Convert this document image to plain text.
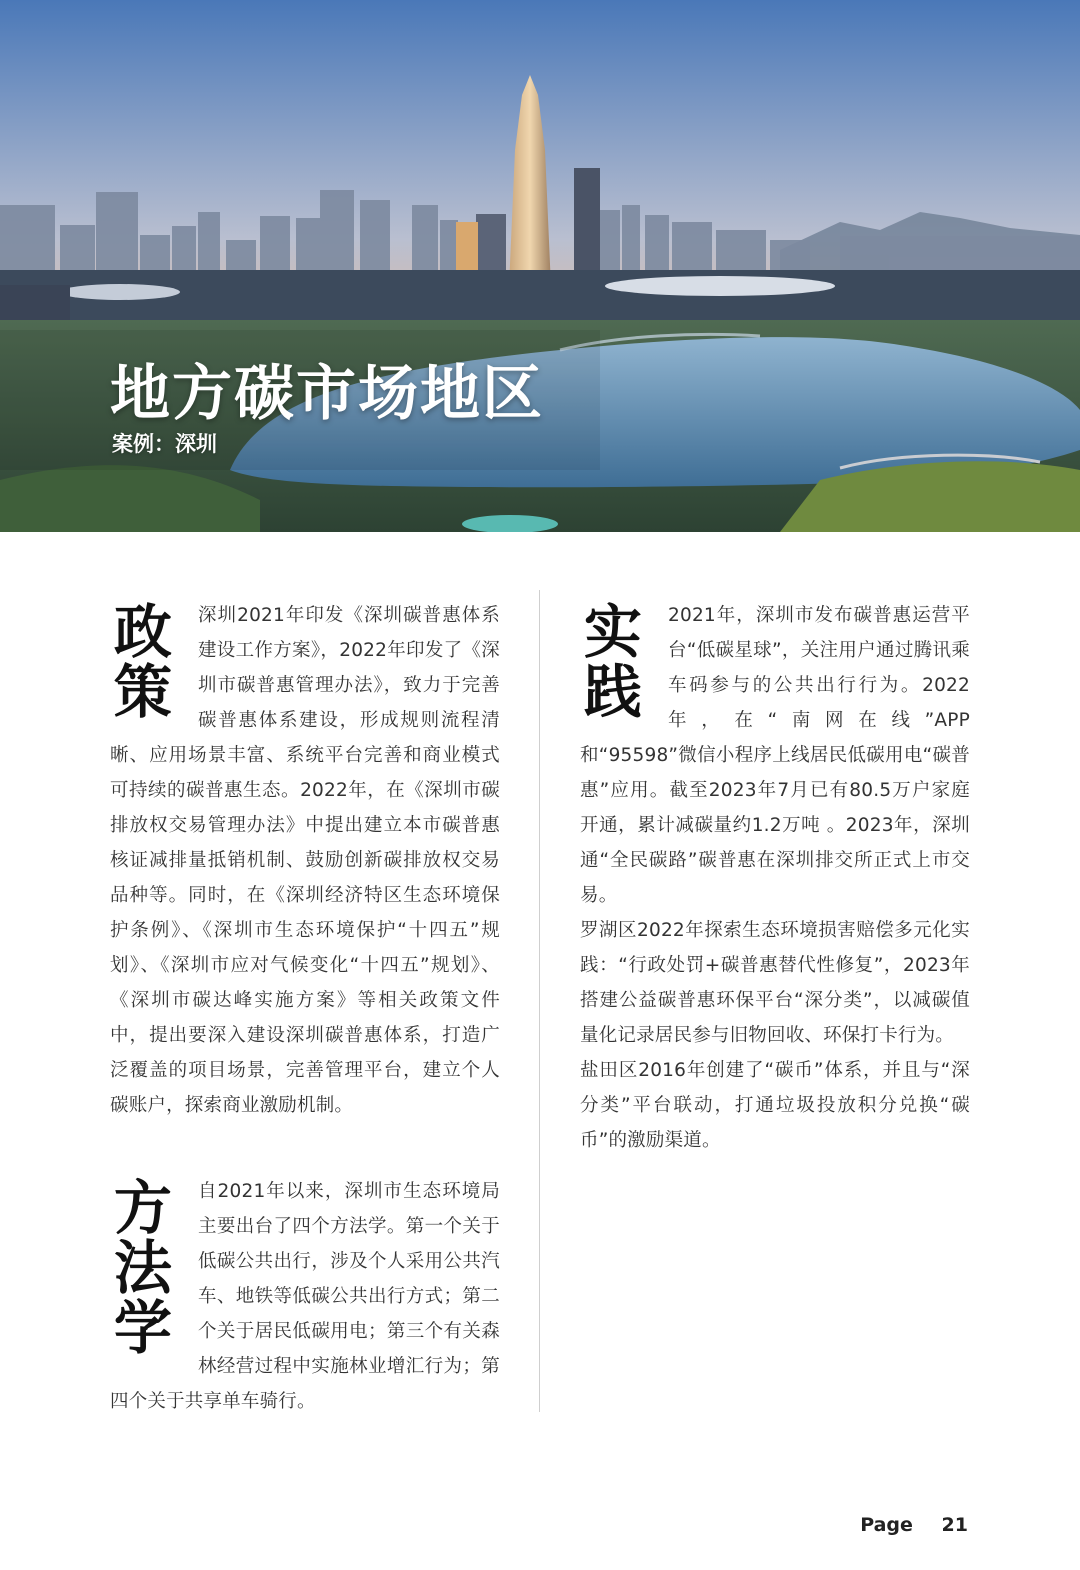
地方碳市场地区
案例：深圳

政策
深圳2021年印发《深圳碳普惠体系建设工作方案》，2022年印发了《深圳市碳普惠管理办法》，致力于完善碳普惠体系建设，形成规则流程清晰、应用场景丰富、系统平台完善和商业模式可持续的碳普惠生态。2022年，在《深圳市碳排放权交易管理办法》中提出建立本市碳普惠核证减排量抵销机制、鼓励创新碳排放权交易品种等。同时，在《深圳经济特区生态环境保护条例》、《深圳市生态环境保护“十四五”规划》、《深圳市应对气候变化“十四五”规划》、《深圳市碳达峰实施方案》等相关政策文件中，提出要深入建设深圳碳普惠体系，打造广泛覆盖的项目场景，完善管理平台，建立个人碳账户，探索商业激励机制。

方法学
自2021年以来，深圳市生态环境局主要出台了四个方法学。第一个关于低碳公共出行，涉及个人采用公共汽车、地铁等低碳公共出行方式；第二个关于居民低碳用电；第三个有关森林经营过程中实施林业增汇行为；第四个关于共享单车骑行。

实践
2021年，深圳市发布碳普惠运营平台“低碳星球”，关注用户通过腾讯乘车码参与的公共出行行为。2022年，在“南网在线”APP和“95598”微信小程序上线居民低碳用电“碳普惠”应用。截至2023年7月已有80.5万户家庭开通，累计减碳量约1.2万吨 。2023年，深圳通“全民碳路”碳普惠在深圳排交所正式上市交易。

罗湖区2022年探索生态环境损害赔偿多元化实践：“行政处罚+碳普惠替代性修复”，2023年搭建公益碳普惠环保平台“深分类”，以减碳值量化记录居民参与旧物回收、环保打卡行为。

盐田区2016年创建了“碳币”体系，并且与“深分类”平台联动，打通垃圾投放积分兑换“碳币”的激励渠道。

Page 21
